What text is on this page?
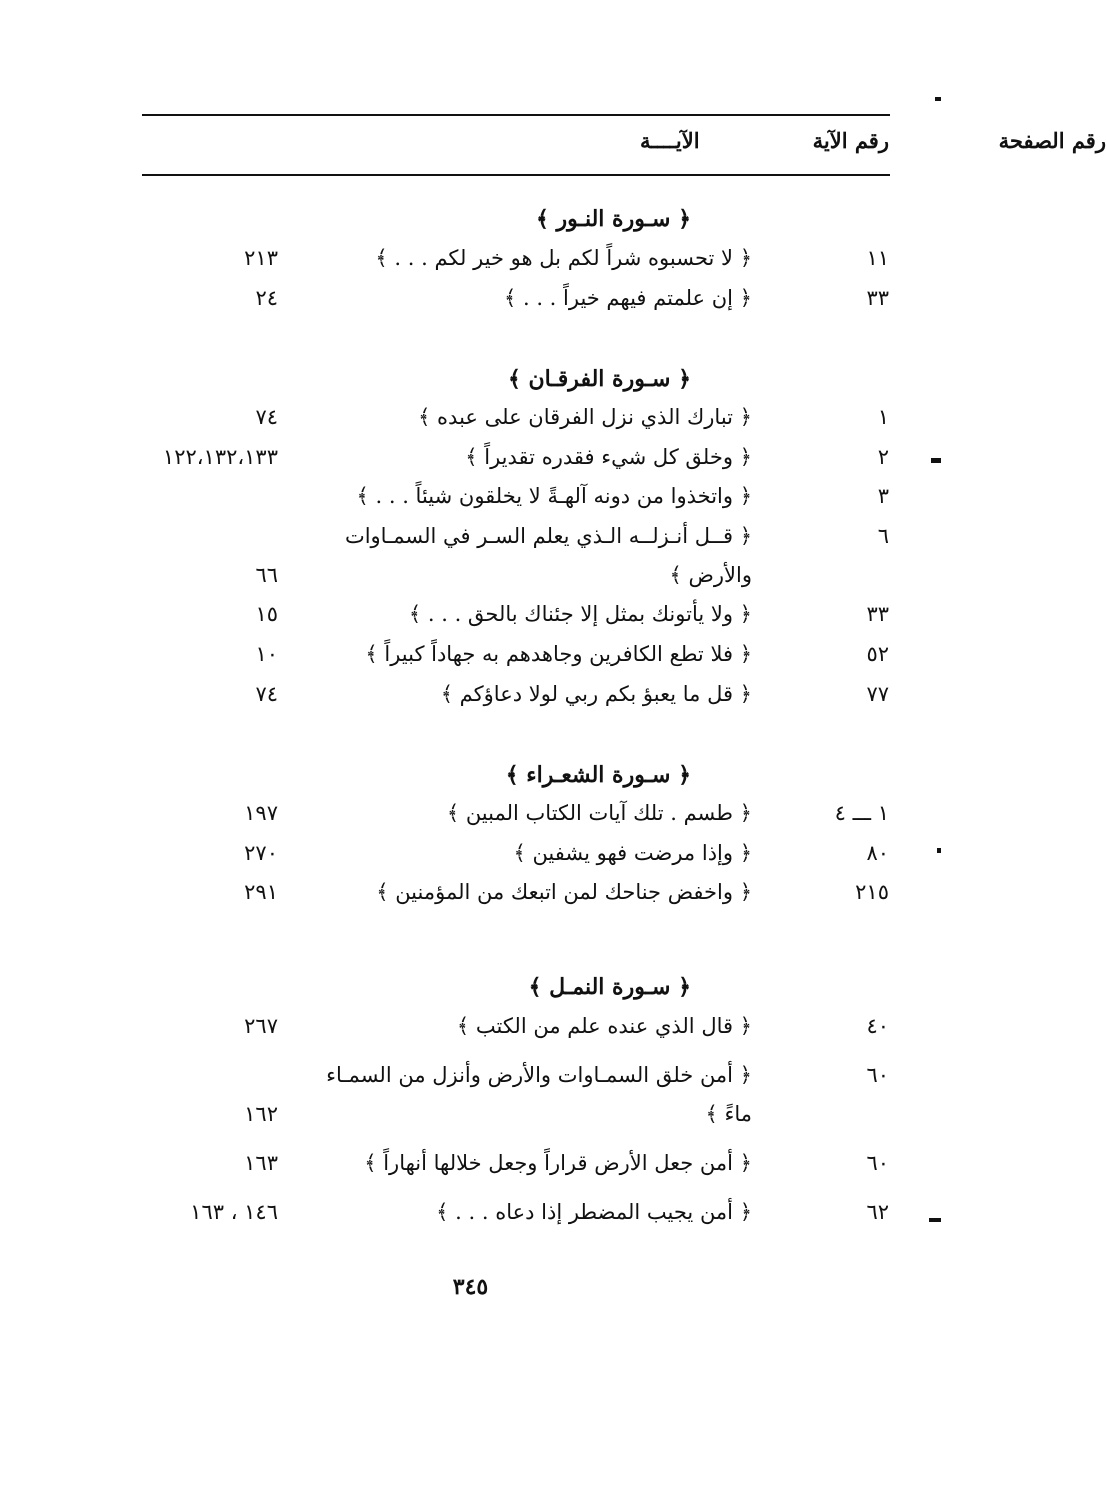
رقم الآية
الآيــــة	رقم الصفحة
﴿ سـورة النـور ﴾
١١
﴿ لا تحسبوه شراً لكم بل هو خير لكم . . . ﴾
٢١٣
٣٣
﴿ إن علمتم فيهم خيراً . . . ﴾
٢٤
﴿ سـورة الفرقـان ﴾
١
﴿ تبارك الذي نزل الفرقان على عبده ﴾
٧٤
٢
﴿ وخلق كل شيء فقدره تقديراً ﴾
١٢٢،١٣٢،١٣٣
٣
﴿ واتخذوا من دونه آلهـةً لا يخلقون شيئاً . . . ﴾
٦
﴿ قــل أنـزلــه الـذي يعلم السـر في السمـاوات
والأرض ﴾
٦٦
٣٣
﴿ ولا يأتونك بمثل إلا جئناك بالحق . . . ﴾
١٥
٥٢
﴿ فلا تطع الكافرين وجاهدهم به جهاداً كبيراً ﴾
١٠
٧٧
﴿ قل ما يعبؤ بكم ربي لولا دعاؤكم ﴾
٧٤
﴿ سـورة الشعـراء ﴾
١ ـــ ٤
﴿ طسم . تلك آيات الكتاب المبين ﴾
١٩٧
٨٠
﴿ وإذا مرضت فهو يشفين ﴾
٢٧٠
٢١٥
﴿ واخفض جناحك لمن اتبعك من المؤمنين ﴾
٢٩١
﴿ سـورة النمـل ﴾
٤٠
﴿ قال الذي عنده علم من الكتب ﴾
٢٦٧
٦٠
﴿ أمن خلق السمـاوات والأرض وأنزل من السمـاء
ماءً ﴾
١٦٢
٦٠
﴿ أمن جعل الأرض قراراً وجعل خلالها أنهاراً ﴾
١٦٣
٦٢
﴿ أمن يجيب المضطر إذا دعاه . . . ﴾
١٤٦ ، ١٦٣
٣٤٥
